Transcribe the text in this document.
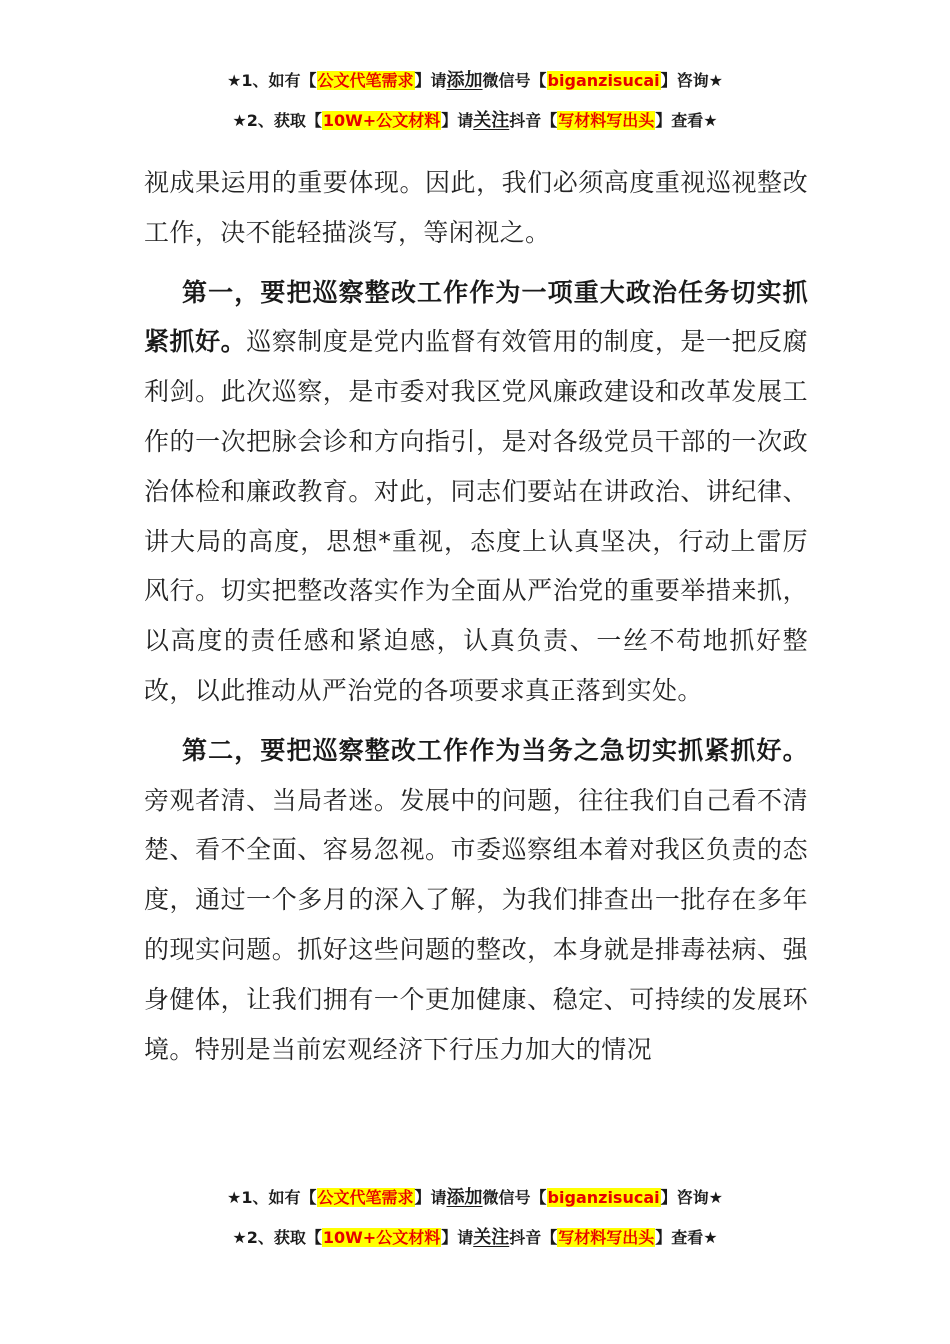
★1、如有【公文代笔需求】请添加微信号【biganzisucai】咨询★
★2、获取【10W+公文材料】请关注抖音【写材料写出头】查看★

视成果运用的重要体现。因此，我们必须高度重视巡视整改工作，决不能轻描淡写，等闲视之。

第一，要把巡察整改工作作为一项重大政治任务切实抓紧抓好。巡察制度是党内监督有效管用的制度，是一把反腐利剑。此次巡察，是市委对我区党风廉政建设和改革发展工作的一次把脉会诊和方向指引，是对各级党员干部的一次政治体检和廉政教育。对此，同志们要站在讲政治、讲纪律、讲大局的高度，思想*重视，态度上认真坚决，行动上雷厉风行。切实把整改落实作为全面从严治党的重要举措来抓，以高度的责任感和紧迫感，认真负责、一丝不苟地抓好整改，以此推动从严治党的各项要求真正落到实处。

第二，要把巡察整改工作作为当务之急切实抓紧抓好。旁观者清、当局者迷。发展中的问题，往往我们自己看不清楚、看不全面、容易忽视。市委巡察组本着对我区负责的态度，通过一个多月的深入了解，为我们排查出一批存在多年的现实问题。抓好这些问题的整改，本身就是排毒祛病、强身健体，让我们拥有一个更加健康、稳定、可持续的发展环境。特别是当前宏观经济下行压力加大的情况

★1、如有【公文代笔需求】请添加微信号【biganzisucai】咨询★
★2、获取【10W+公文材料】请关注抖音【写材料写出头】查看★
